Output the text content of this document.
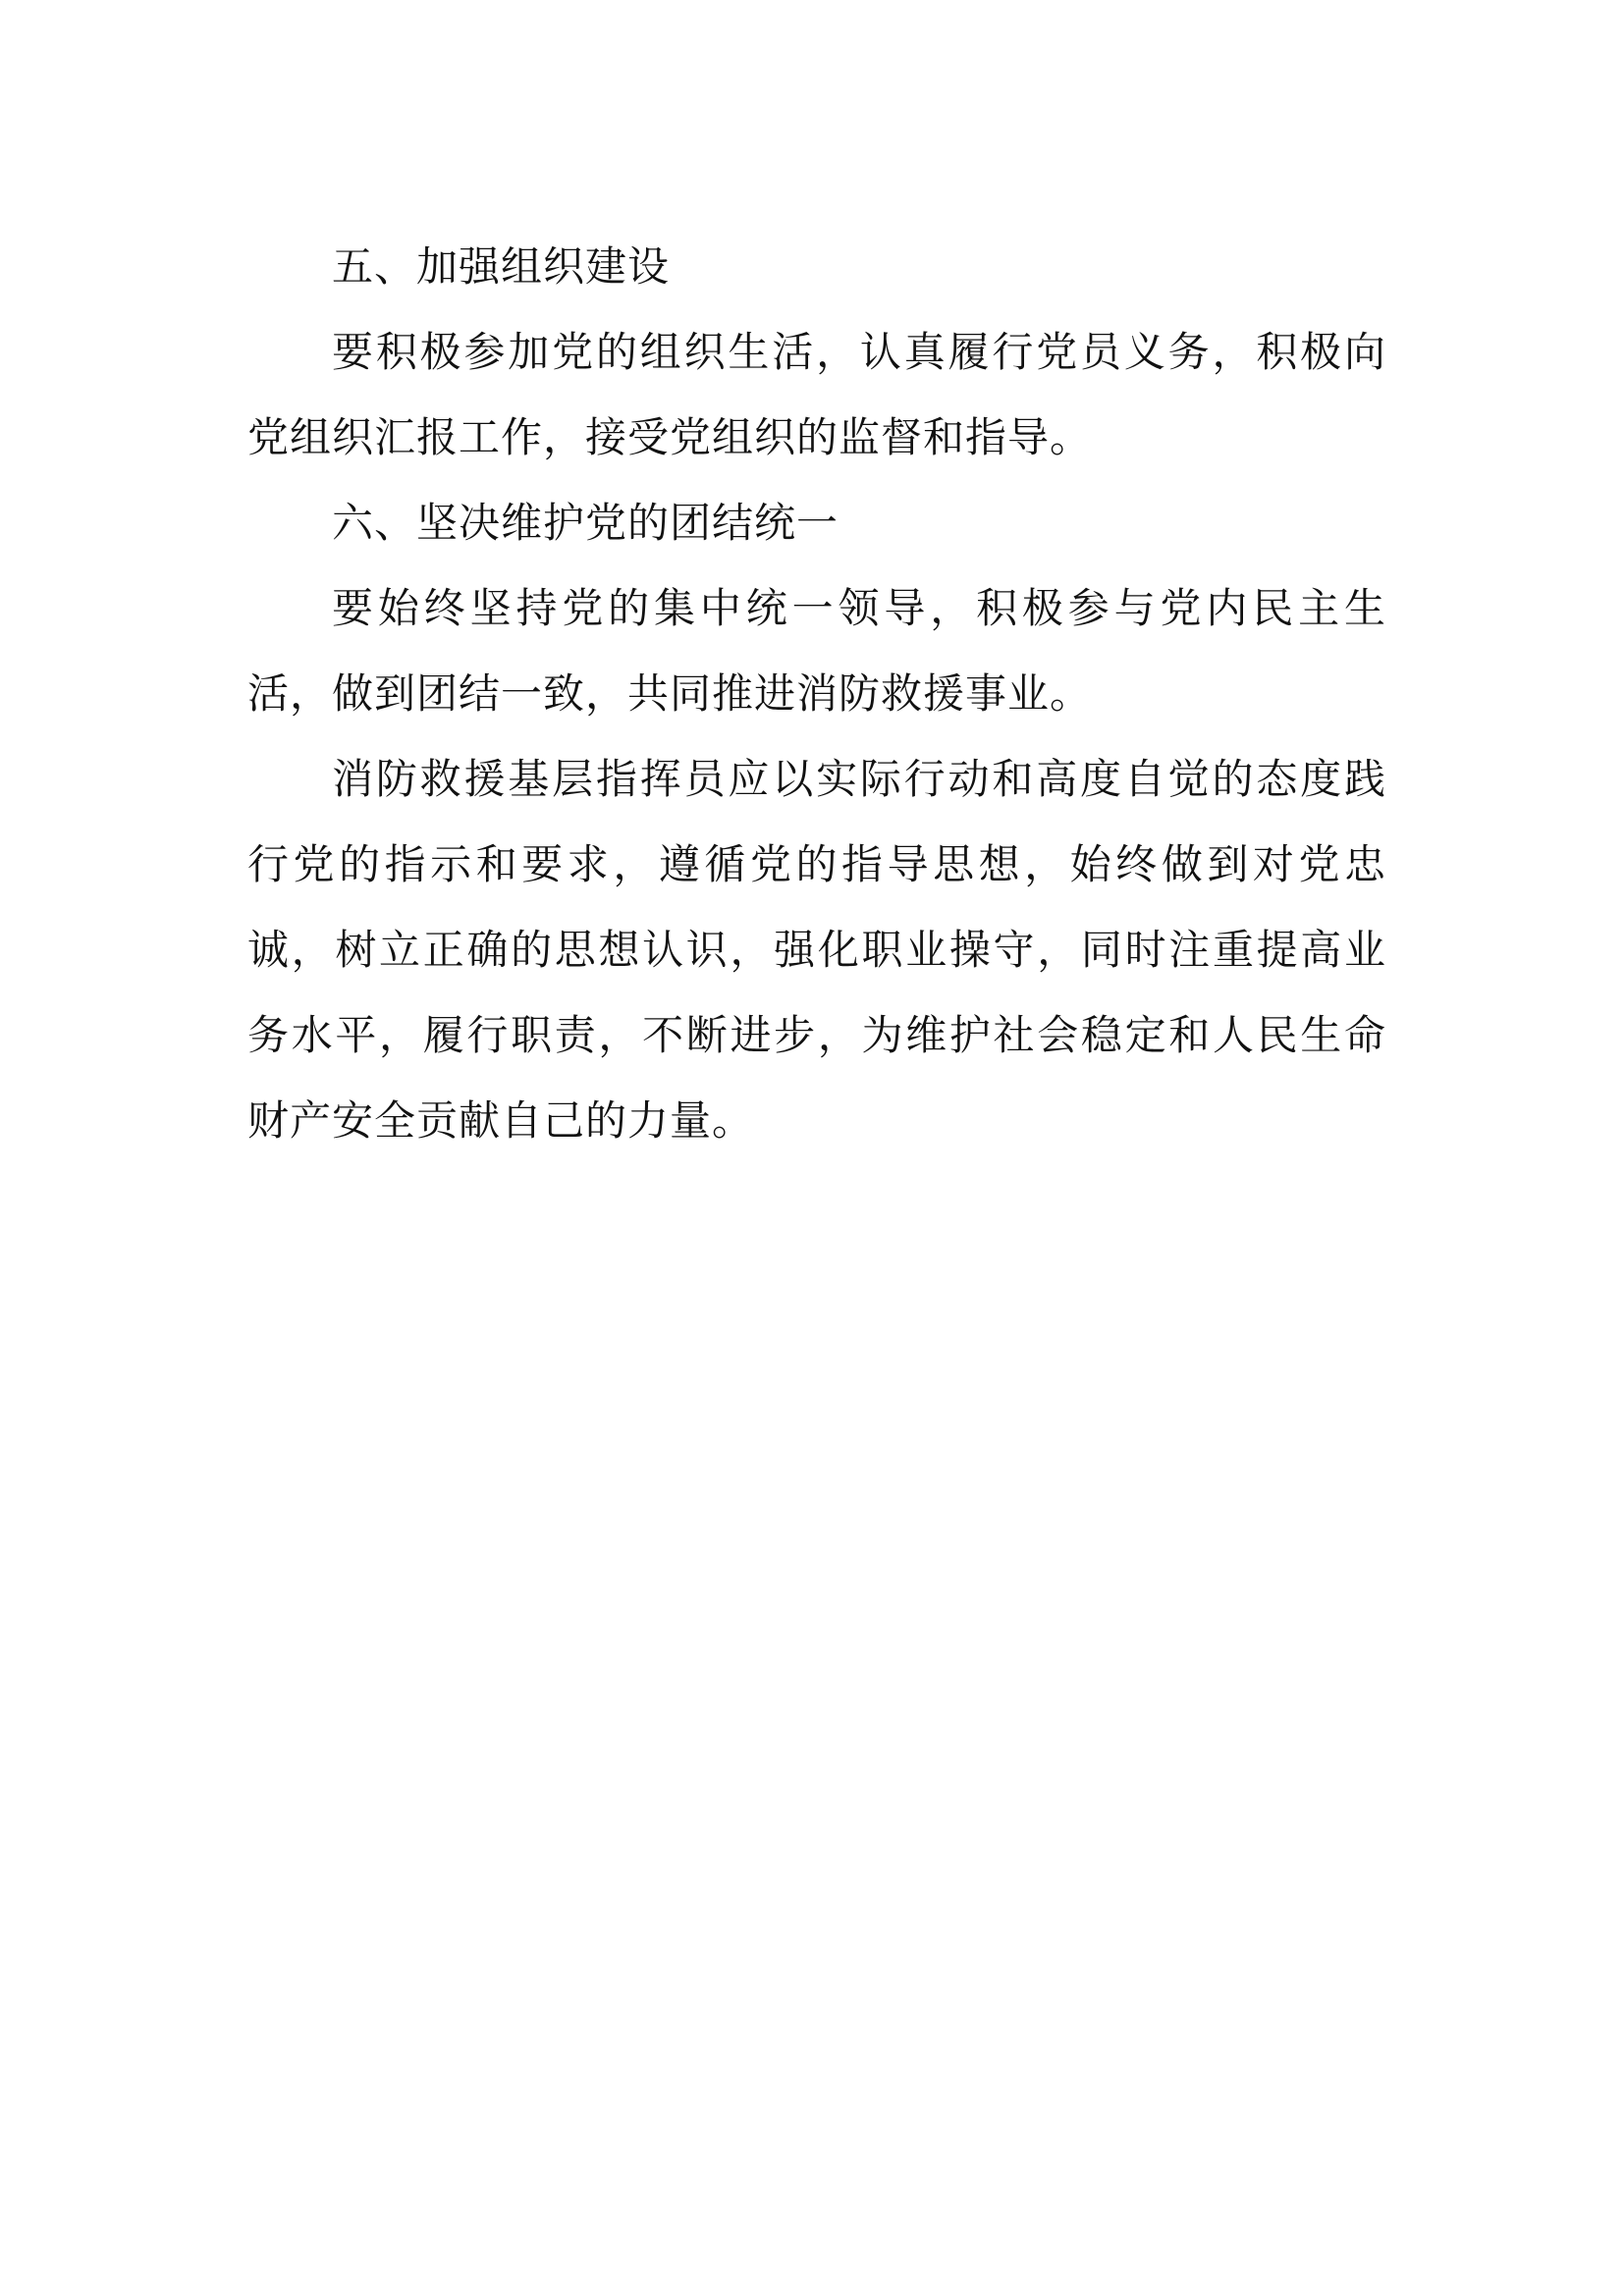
五、加强组织建设

要积极参加党的组织生活，认真履行党员义务，积极向党组织汇报工作，接受党组织的监督和指导。

六、坚决维护党的团结统一

要始终坚持党的集中统一领导，积极参与党内民主生活，做到团结一致，共同推进消防救援事业。

消防救援基层指挥员应以实际行动和高度自觉的态度践行党的指示和要求，遵循党的指导思想，始终做到对党忠诚，树立正确的思想认识，强化职业操守，同时注重提高业务水平，履行职责，不断进步，为维护社会稳定和人民生命财产安全贡献自己的力量。
